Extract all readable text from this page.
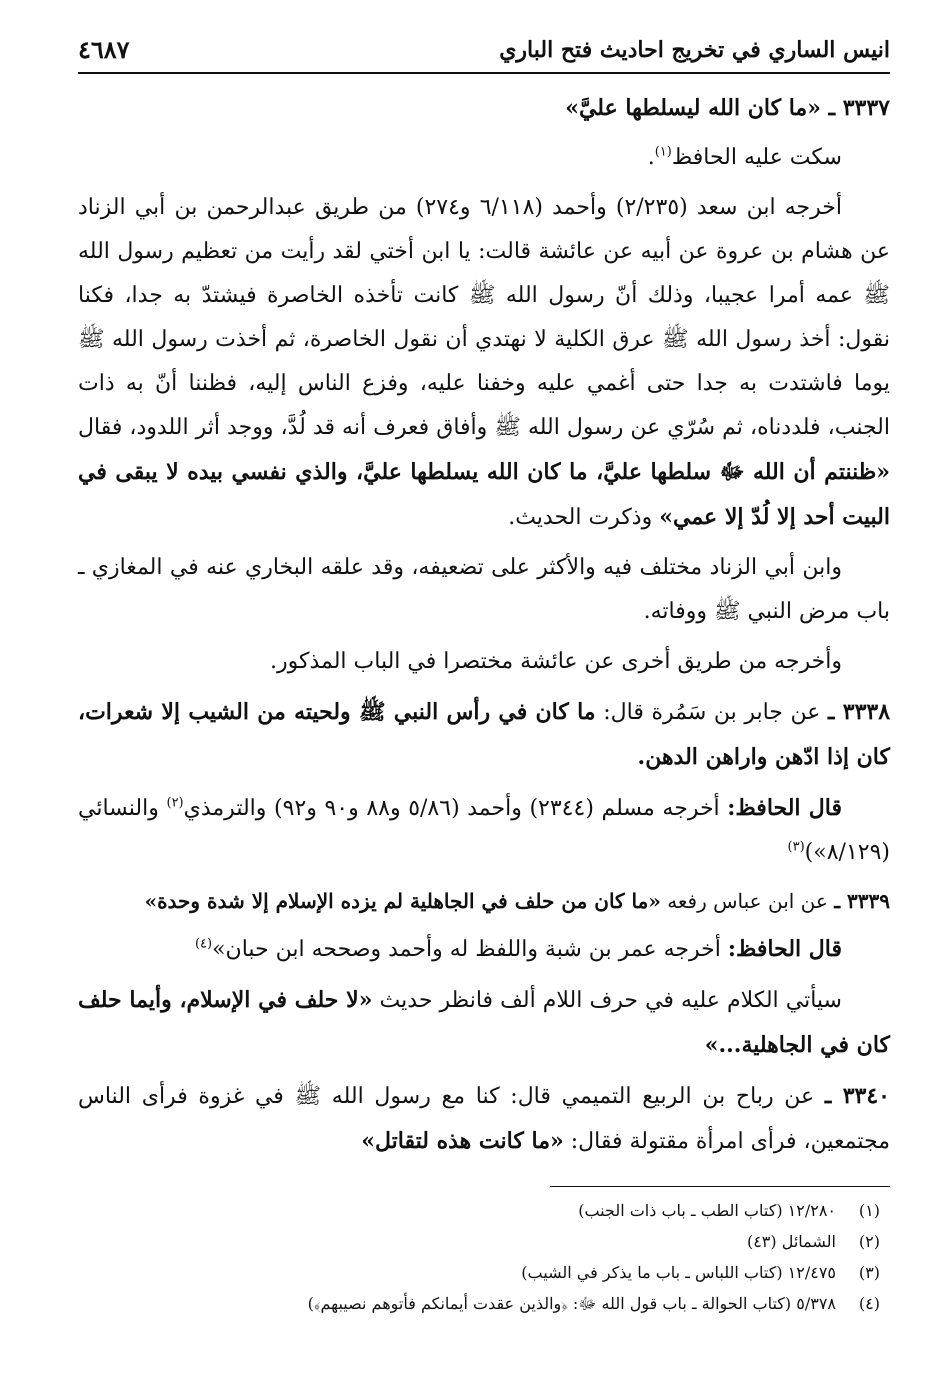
انيس الساري في تخريج احاديث فتح الباري
٤٦٨٧

٣٣٣٧ ـ «ما كان الله ليسلطها عليَّ»

سكت عليه الحافظ$^{(١)}$.

أخرجه ابن سعد (٢/٢٣٥) وأحمد (٦/١١٨ و٢٧٤) من طريق عبدالرحمن بن أبي الزناد عن هشام بن عروة عن أبيه عن عائشة قالت: يا ابن أختي لقد رأيت من تعظيم رسول الله ﷺ عمه أمرا عجيبا، وذلك أنّ رسول الله ﷺ كانت تأخذه الخاصرة فيشتدّ به جدا، فكنا نقول: أخذ رسول الله ﷺ عرق الكلية لا نهتدي أن نقول الخاصرة، ثم أخذت رسول الله ﷺ يوما فاشتدت به جدا حتى أغمي عليه وخفنا عليه، وفزع الناس إليه، فظننا أنّ به ذات الجنب، فلددناه، ثم سُرّي عن رسول الله ﷺ وأفاق فعرف أنه قد لُدَّ، ووجد أثر اللدود، فقال «ظننتم أن الله ﷻ سلطها عليَّ، ما كان الله يسلطها عليَّ، والذي نفسي بيده لا يبقى في البيت أحد إلا لُدّ إلا عمي» وذكرت الحديث.

وابن أبي الزناد مختلف فيه والأكثر على تضعيفه، وقد علقه البخاري عنه في المغازي ـ باب مرض النبي ﷺ ووفاته.

وأخرجه من طريق أخرى عن عائشة مختصرا في الباب المذكور.

٣٣٣٨ ـ عن جابر بن سَمُرة قال: ما كان في رأس النبي ﷺ ولحيته من الشيب إلا شعرات، كان إذا ادّهن واراهن الدهن.

قال الحافظ: أخرجه مسلم (٢٣٤٤) وأحمد (٥/٨٦ و٨٨ و٩٠ و٩٢) والترمذي$^{(٢)}$ والنسائي (٨/١٢٩»)$^{(٣)}$

٣٣٣٩ ـ عن ابن عباس رفعه «ما كان من حلف في الجاهلية لم يزده الإسلام إلا شدة وحدة»

قال الحافظ: أخرجه عمر بن شبة واللفظ له وأحمد وصححه ابن حبان»$^{(٤)}$

سيأتي الكلام عليه في حرف اللام ألف فانظر حديث «لا حلف في الإسلام، وأيما حلف كان في الجاهلية...»

٣٣٤٠ ـ عن رباح بن الربيع التميمي قال: كنا مع رسول الله ﷺ في غزوة فرأى الناس مجتمعين، فرأى امرأة مقتولة فقال: «ما كانت هذه لتقاتل»

(١)
١٢/٢٨٠ (كتاب الطب ـ باب ذات الجنب)
(٢)
الشمائل (٤٣)
(٣)
١٢/٤٧٥ (كتاب اللباس ـ باب ما يذكر في الشيب)
(٤)
٥/٣٧٨ (كتاب الحوالة ـ باب قول الله ﷻ: ﴿والذين عقدت أيمانكم فأتوهم نصيبهم﴾)
